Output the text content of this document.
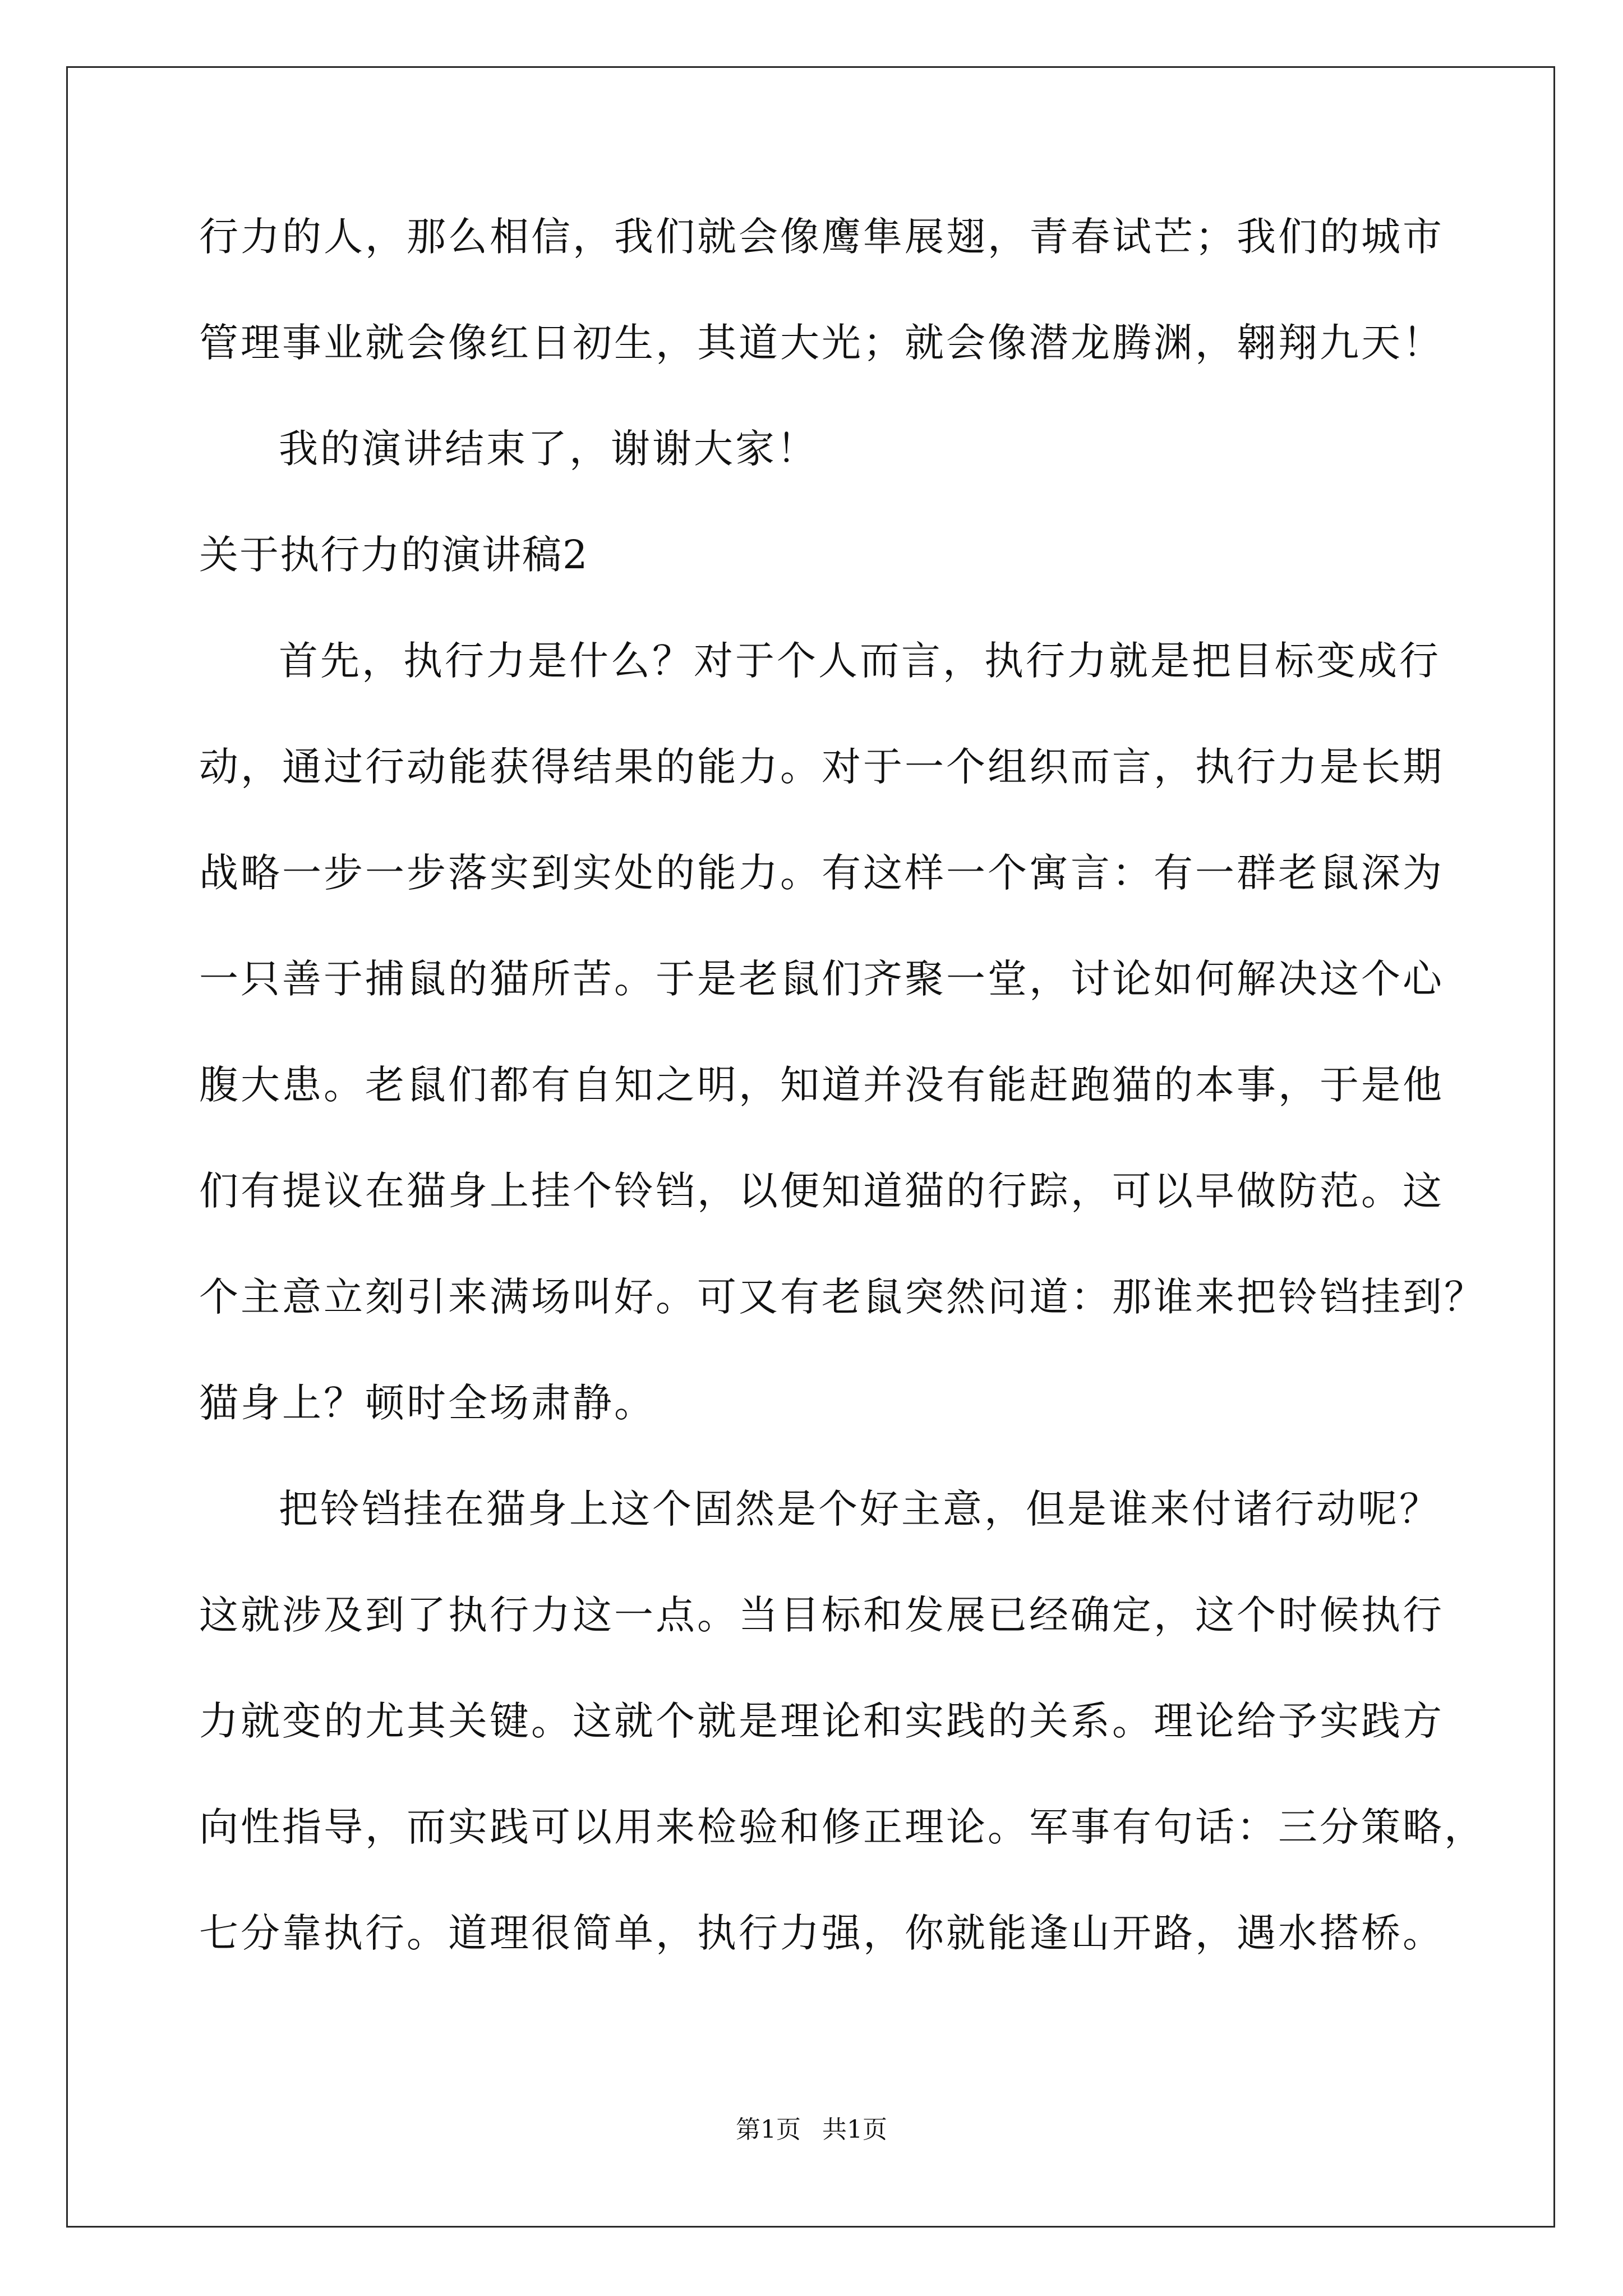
行力的人，那么相信，我们就会像鹰隼展翅，青春试芒；我们的城市
管理事业就会像红日初生，其道大光；就会像潜龙腾渊，翱翔九天！
我的演讲结束了，谢谢大家！
关于执行力的演讲稿2
首先，执行力是什么？对于个人而言，执行力就是把目标变成行
动，通过行动能获得结果的能力。对于一个组织而言，执行力是长期
战略一步一步落实到实处的能力。有这样一个寓言：有一群老鼠深为
一只善于捕鼠的猫所苦。于是老鼠们齐聚一堂，讨论如何解决这个心
腹大患。老鼠们都有自知之明，知道并没有能赶跑猫的本事，于是他
们有提议在猫身上挂个铃铛，以便知道猫的行踪，可以早做防范。这
个主意立刻引来满场叫好。可又有老鼠突然问道：那谁来把铃铛挂到？
猫身上？顿时全场肃静。
把铃铛挂在猫身上这个固然是个好主意，但是谁来付诸行动呢？
这就涉及到了执行力这一点。当目标和发展已经确定，这个时候执行
力就变的尤其关键。这就个就是理论和实践的关系。理论给予实践方
向性指导，而实践可以用来检验和修正理论。军事有句话：三分策略，
七分靠执行。道理很简单，执行力强，你就能逢山开路，遇水搭桥。
第1页 共1页
